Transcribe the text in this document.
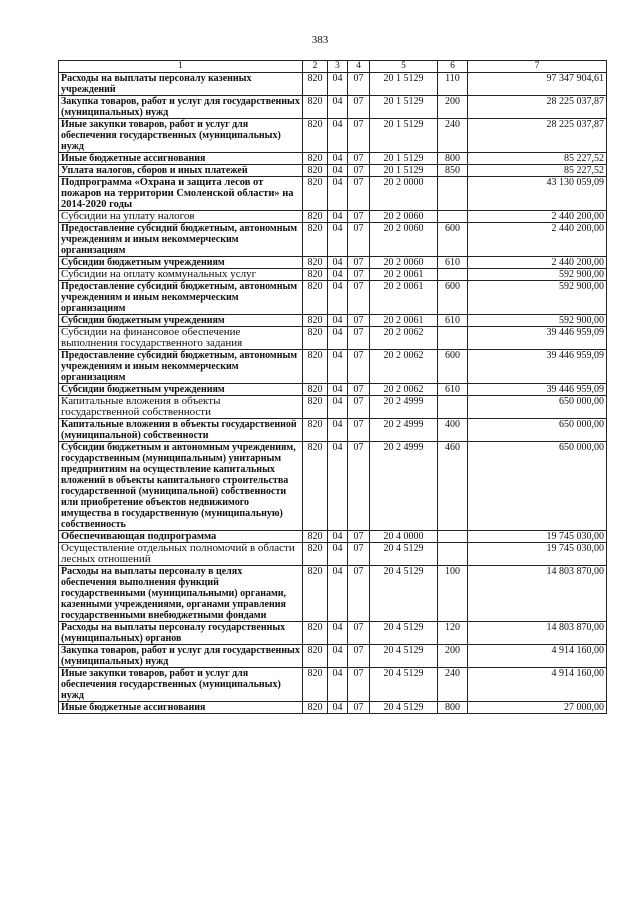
383
1	2	3	4	5	6	7
Расходы на выплаты персоналу казенных учреждений	820	04	07	20 1 5129	110	97 347 904,61
Закупка товаров, работ и услуг для государственных (муниципальных) нужд	820	04	07	20 1 5129	200	28 225 037,87
Иные закупки товаров, работ и услуг для обеспечения государственных (муниципальных) нужд	820	04	07	20 1 5129	240	28 225 037,87
Иные бюджетные ассигнования	820	04	07	20 1 5129	800	85 227,52
Уплата налогов, сборов и иных платежей	820	04	07	20 1 5129	850	85 227,52
Подпрограмма «Охрана и защита лесов от пожаров на территории Смоленской области» на 2014-2020 годы	820	04	07	20 2 0000		43 130 059,09
Субсидии на уплату налогов	820	04	07	20 2 0060		2 440 200,00
Предоставление субсидий бюджетным, автономным учреждениям и иным некоммерческим организациям	820	04	07	20 2 0060	600	2 440 200,00
Субсидии бюджетным учреждениям	820	04	07	20 2 0060	610	2 440 200,00
Субсидии на оплату коммунальных услуг	820	04	07	20 2 0061		592 900,00
Предоставление субсидий бюджетным, автономным учреждениям и иным некоммерческим организациям	820	04	07	20 2 0061	600	592 900,00
Субсидии бюджетным учреждениям	820	04	07	20 2 0061	610	592 900,00
Субсидии на финансовое обеспечение выполнения государственного задания	820	04	07	20 2 0062		39 446 959,09
Предоставление субсидий бюджетным, автономным учреждениям и иным некоммерческим организациям	820	04	07	20 2 0062	600	39 446 959,09
Субсидии бюджетным учреждениям	820	04	07	20 2 0062	610	39 446 959,09
Капитальные вложения в объекты государственной собственности	820	04	07	20 2 4999		650 000,00
Капитальные вложения в объекты государственной (муниципальной) собственности	820	04	07	20 2 4999	400	650 000,00
Субсидии бюджетным и автономным учреждениям, государственным (муниципальным) унитарным предприятиям на осуществление капитальных вложений в объекты капитального строительства государственной (муниципальной) собственности или приобретение объектов недвижимого имущества в государственную (муниципальную) собственность	820	04	07	20 2 4999	460	650 000,00
Обеспечивающая подпрограмма	820	04	07	20 4 0000		19 745 030,00
Осуществление отдельных полномочий в области лесных отношений	820	04	07	20 4 5129		19 745 030,00
Расходы на выплаты персоналу в целях обеспечения выполнения функций государственными (муниципальными) органами, казенными учреждениями, органами управления государственными внебюджетными фондами	820	04	07	20 4 5129	100	14 803 870,00
Расходы на выплаты персоналу государственных (муниципальных) органов	820	04	07	20 4 5129	120	14 803 870,00
Закупка товаров, работ и услуг для государственных (муниципальных) нужд	820	04	07	20 4 5129	200	4 914 160,00
Иные закупки товаров, работ и услуг для обеспечения государственных (муниципальных) нужд	820	04	07	20 4 5129	240	4 914 160,00
Иные бюджетные ассигнования	820	04	07	20 4 5129	800	27 000,00
